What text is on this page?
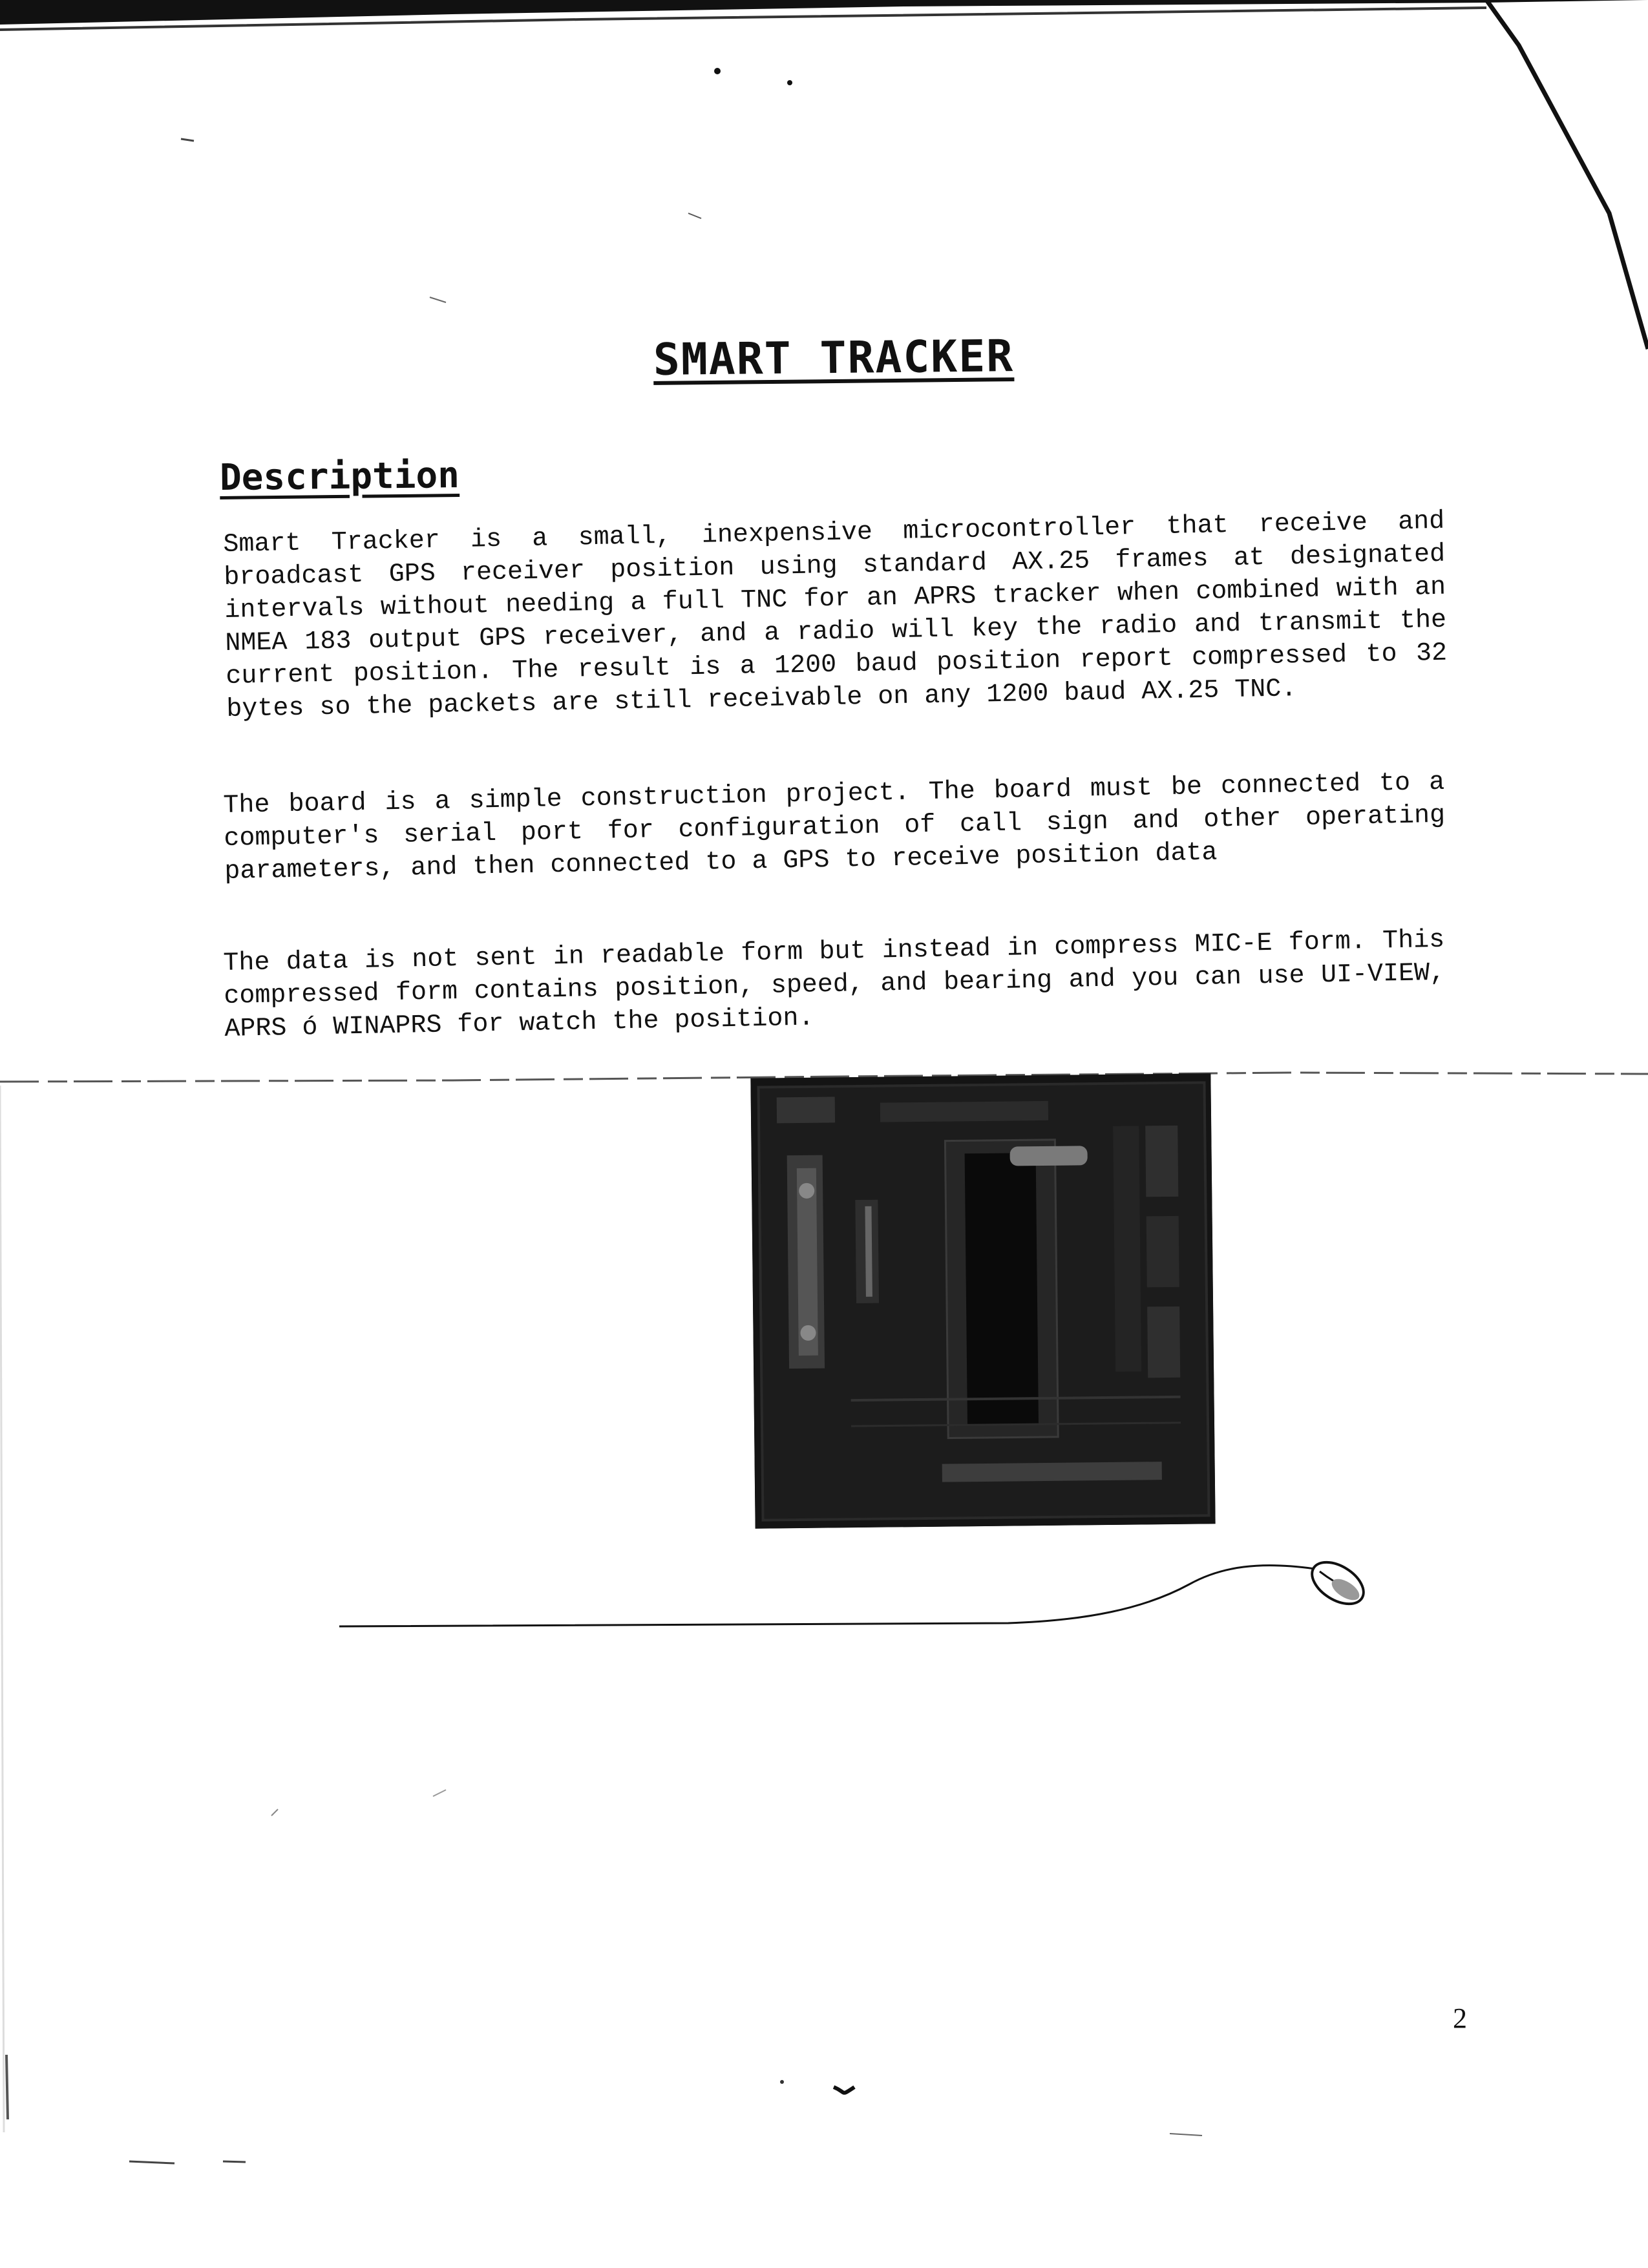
SMART TRACKER
Description
Smart Tracker is a small, inexpensive microcontroller that receive and broadcast GPS receiver position using standard AX.25 frames at designated intervals without needing a full TNC for an APRS tracker when combined with an NMEA 183 output GPS receiver, and a radio will key the radio and transmit the current position. The result is a 1200 baud position report compressed to 32 bytes so the packets are still receivable on any 1200 baud AX.25 TNC.
The board is a simple construction project. The board must be connected to a computer's serial port for configuration of call sign and other operating parameters, and then connected to a GPS to receive position data
The data is not sent in readable form but instead in compress MIC-E form. This compressed form contains position, speed, and bearing and you can use UI-VIEW, APRS ó WINAPRS for watch the position.
2
